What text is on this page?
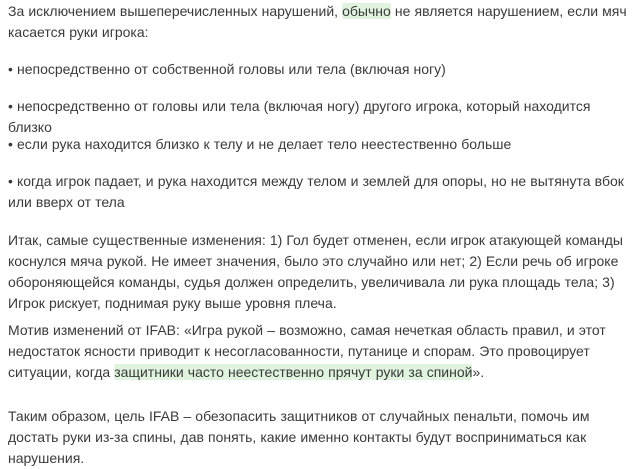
За исключением вышеперечисленных нарушений, обычно не является нарушением, если мяч касается руки игрока:

• непосредственно от собственной головы или тела (включая ногу)

• непосредственно от головы или тела (включая ногу) другого игрока, который находится близко

• если рука находится близко к телу и не делает тело неестественно больше

• когда игрок падает, и рука находится между телом и землей для опоры, но не вытянута вбок или вверх от тела

Итак, самые существенные изменения: 1) Гол будет отменен, если игрок атакующей команды коснулся мяча рукой. Не имеет значения, было это случайно или нет; 2) Если речь об игроке обороняющейся команды, судья должен определить, увеличивала ли рука площадь тела; 3) Игрок рискует, поднимая руку выше уровня плеча.

Мотив изменений от IFAB: «Игра рукой – возможно, самая нечеткая область правил, и этот недостаток ясности приводит к несогласованности, путанице и спорам. Это провоцирует ситуации, когда защитники часто неестественно прячут руки за спиной».

Таким образом, цель IFAB – обезопасить защитников от случайных пенальти, помочь им достать руки из-за спины, дав понять, какие именно контакты будут восприниматься как нарушения.
